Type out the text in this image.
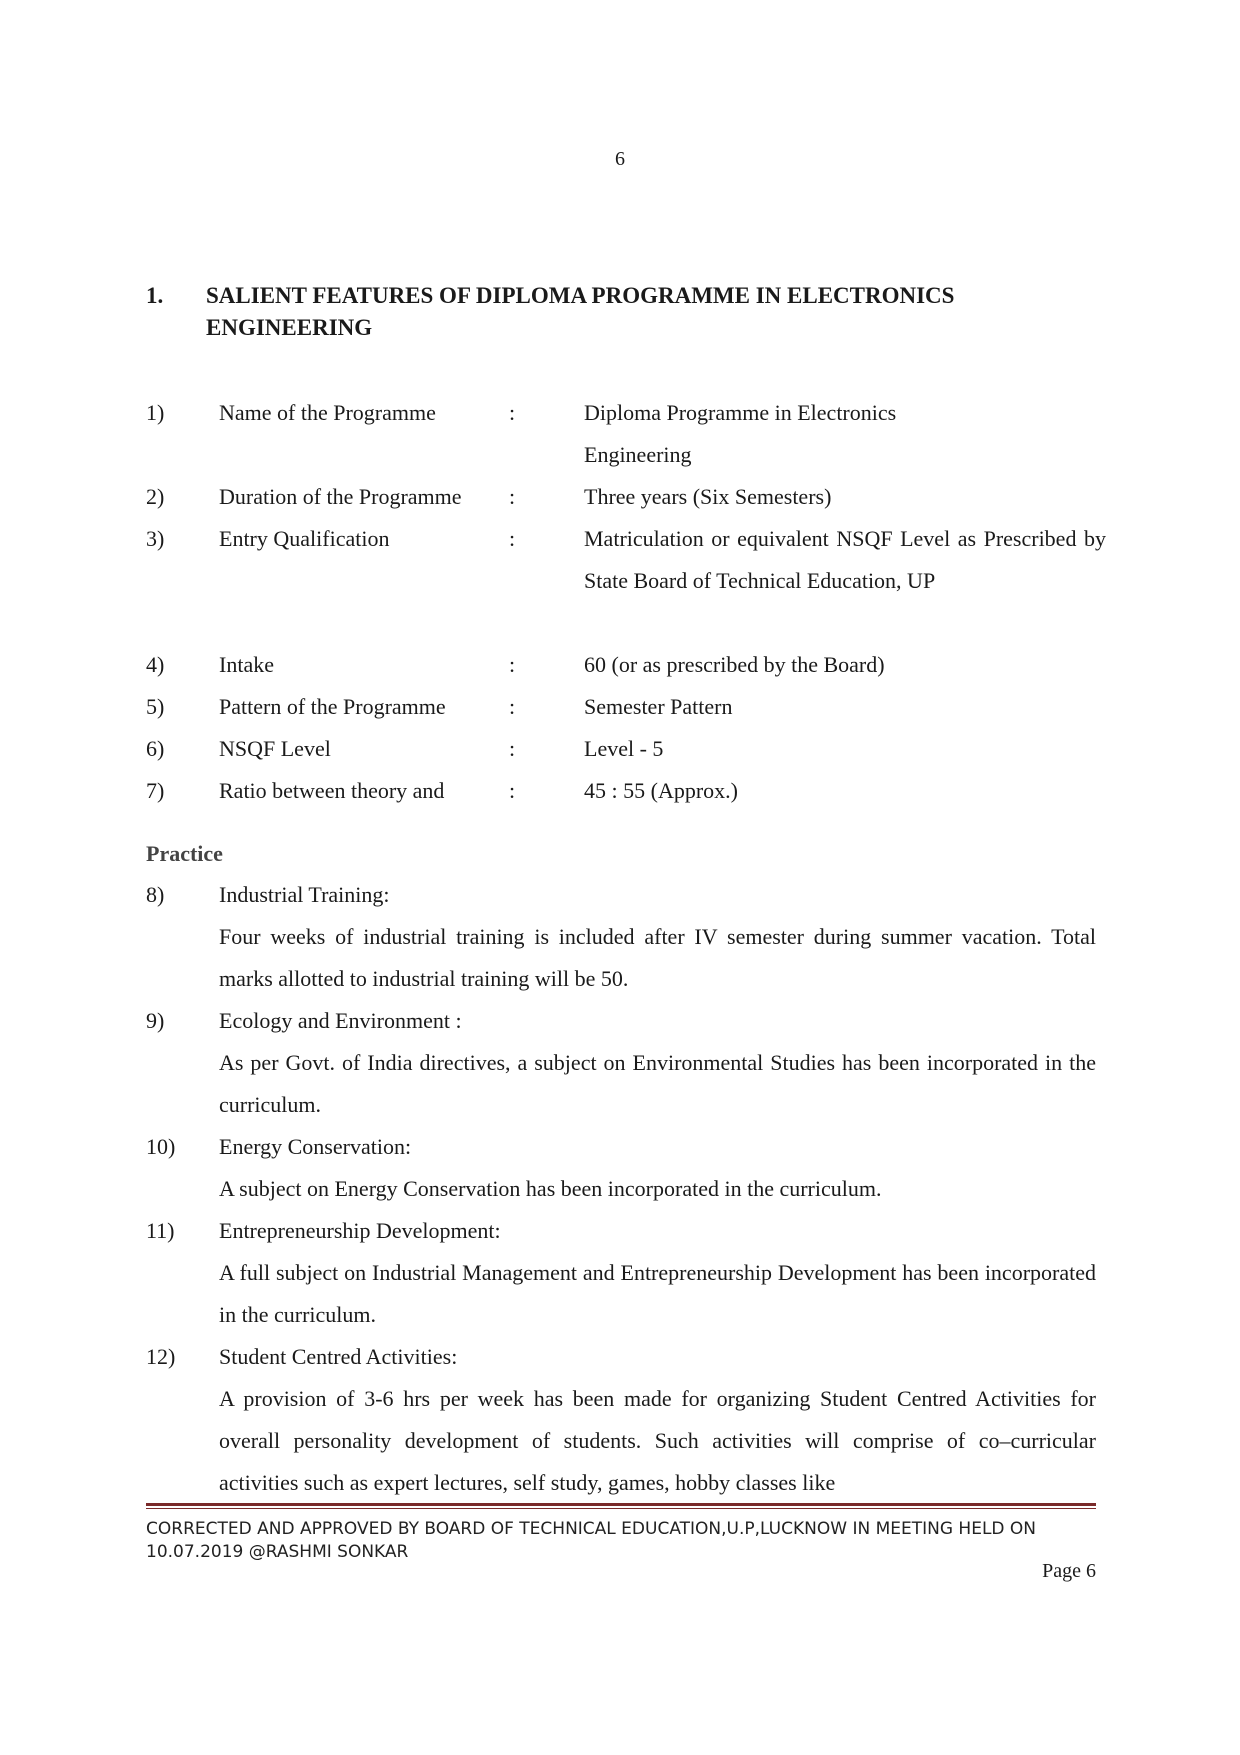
6
1. SALIENT FEATURES OF DIPLOMA PROGRAMME IN ELECTRONICS ENGINEERING
1) Name of the Programme	:	Diploma Programme in Electronics Engineering
2) Duration of the Programme	:	Three years (Six Semesters)
3) Entry Qualification	:	Matriculation or equivalent NSQF Level as Prescribed by State Board of Technical Education, UP
4) Intake	:	60 (or as prescribed by the Board)
5) Pattern of the Programme	:	Semester Pattern
6) NSQF Level	:	Level - 5
7) Ratio between theory and	:	45 : 55 (Approx.)
Practice
8) Industrial Training:
Four weeks of industrial training is included after IV semester during summer vacation. Total marks allotted to industrial training will be 50.
9) Ecology and Environment :
As per Govt. of India directives, a subject on Environmental Studies has been incorporated in the curriculum.
10) Energy Conservation:
A subject on Energy Conservation has been incorporated in the curriculum.
11) Entrepreneurship Development:
A full subject on Industrial Management and Entrepreneurship Development has been incorporated in the curriculum.
12) Student Centred Activities:
A provision of 3-6 hrs per week has been made for organizing Student Centred Activities for overall personality development of students. Such activities will comprise of co–curricular activities such as expert lectures, self study, games, hobby classes like
CORRECTED AND APPROVED BY BOARD OF TECHNICAL EDUCATION,U.P,LUCKNOW IN MEETING HELD ON 10.07.2019 @RASHMI SONKAR
Page 6
